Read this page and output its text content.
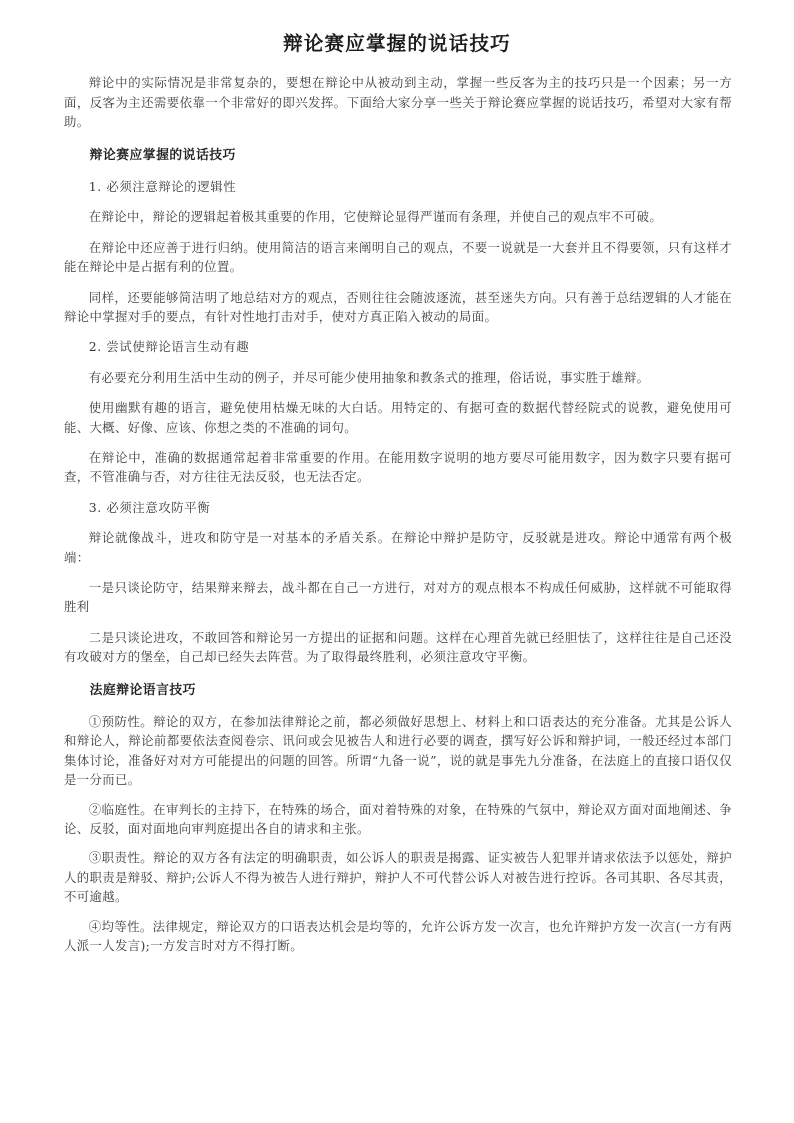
辩论赛应掌握的说话技巧

辩论中的实际情况是非常复杂的，要想在辩论中从被动到主动，掌握一些反客为主的技巧只是一个因素；另一方面，反客为主还需要依靠一个非常好的即兴发挥。下面给大家分享一些关于辩论赛应掌握的说话技巧，希望对大家有帮助。

辩论赛应掌握的说话技巧

1. 必须注意辩论的逻辑性

在辩论中，辩论的逻辑起着极其重要的作用，它使辩论显得严谨而有条理，并使自己的观点牢不可破。

在辩论中还应善于进行归纳。使用简洁的语言来阐明自己的观点，不要一说就是一大套并且不得要领，只有这样才能在辩论中是占据有利的位置。

同样，还要能够简洁明了地总结对方的观点，否则往往会随波逐流，甚至迷失方向。只有善于总结逻辑的人才能在辩论中掌握对手的要点，有针对性地打击对手，使对方真正陷入被动的局面。

2. 尝试使辩论语言生动有趣

有必要充分利用生活中生动的例子，并尽可能少使用抽象和教条式的推理，俗话说，事实胜于雄辩。

使用幽默有趣的语言，避免使用枯燥无味的大白话。用特定的、有据可查的数据代替经院式的说教，避免使用可能、大概、好像、应该、你想之类的不准确的词句。

在辩论中，准确的数据通常起着非常重要的作用。在能用数字说明的地方要尽可能用数字，因为数字只要有据可查，不管准确与否，对方往往无法反驳，也无法否定。

3. 必须注意攻防平衡

辩论就像战斗，进攻和防守是一对基本的矛盾关系。在辩论中辩护是防守，反驳就是进攻。辩论中通常有两个极端：

一是只谈论防守，结果辩来辩去，战斗都在自己一方进行，对对方的观点根本不构成任何威胁，这样就不可能取得胜利

二是只谈论进攻，不敢回答和辩论另一方提出的证据和问题。这样在心理首先就已经胆怯了，这样往往是自己还没有攻破对方的堡垒，自己却已经失去阵营。为了取得最终胜利，必须注意攻守平衡。

法庭辩论语言技巧

①预防性。辩论的双方，在参加法律辩论之前，都必须做好思想上、材料上和口语表达的充分准备。尤其是公诉人和辩论人，辩论前都要依法查阅卷宗、讯问或会见被告人和进行必要的调查，撰写好公诉和辩护词，一般还经过本部门集体讨论，准备好对对方可能提出的问题的回答。所谓“九备一说”，说的就是事先九分准备，在法庭上的直接口语仅仅是一分而已。

②临庭性。在审判长的主持下，在特殊的场合，面对着特殊的对象，在特殊的气氛中，辩论双方面对面地阐述、争论、反驳，面对面地向审判庭提出各自的请求和主张。

③职责性。辩论的双方各有法定的明确职责，如公诉人的职责是揭露、证实被告人犯罪并请求依法予以惩处，辩护人的职责是辩驳、辩护;公诉人不得为被告人进行辩护，辩护人不可代替公诉人对被告进行控诉。各司其职、各尽其责，不可逾越。

④均等性。法律规定，辩论双方的口语表达机会是均等的，允许公诉方发一次言，也允许辩护方发一次言(一方有两人派一人发言);一方发言时对方不得打断。
